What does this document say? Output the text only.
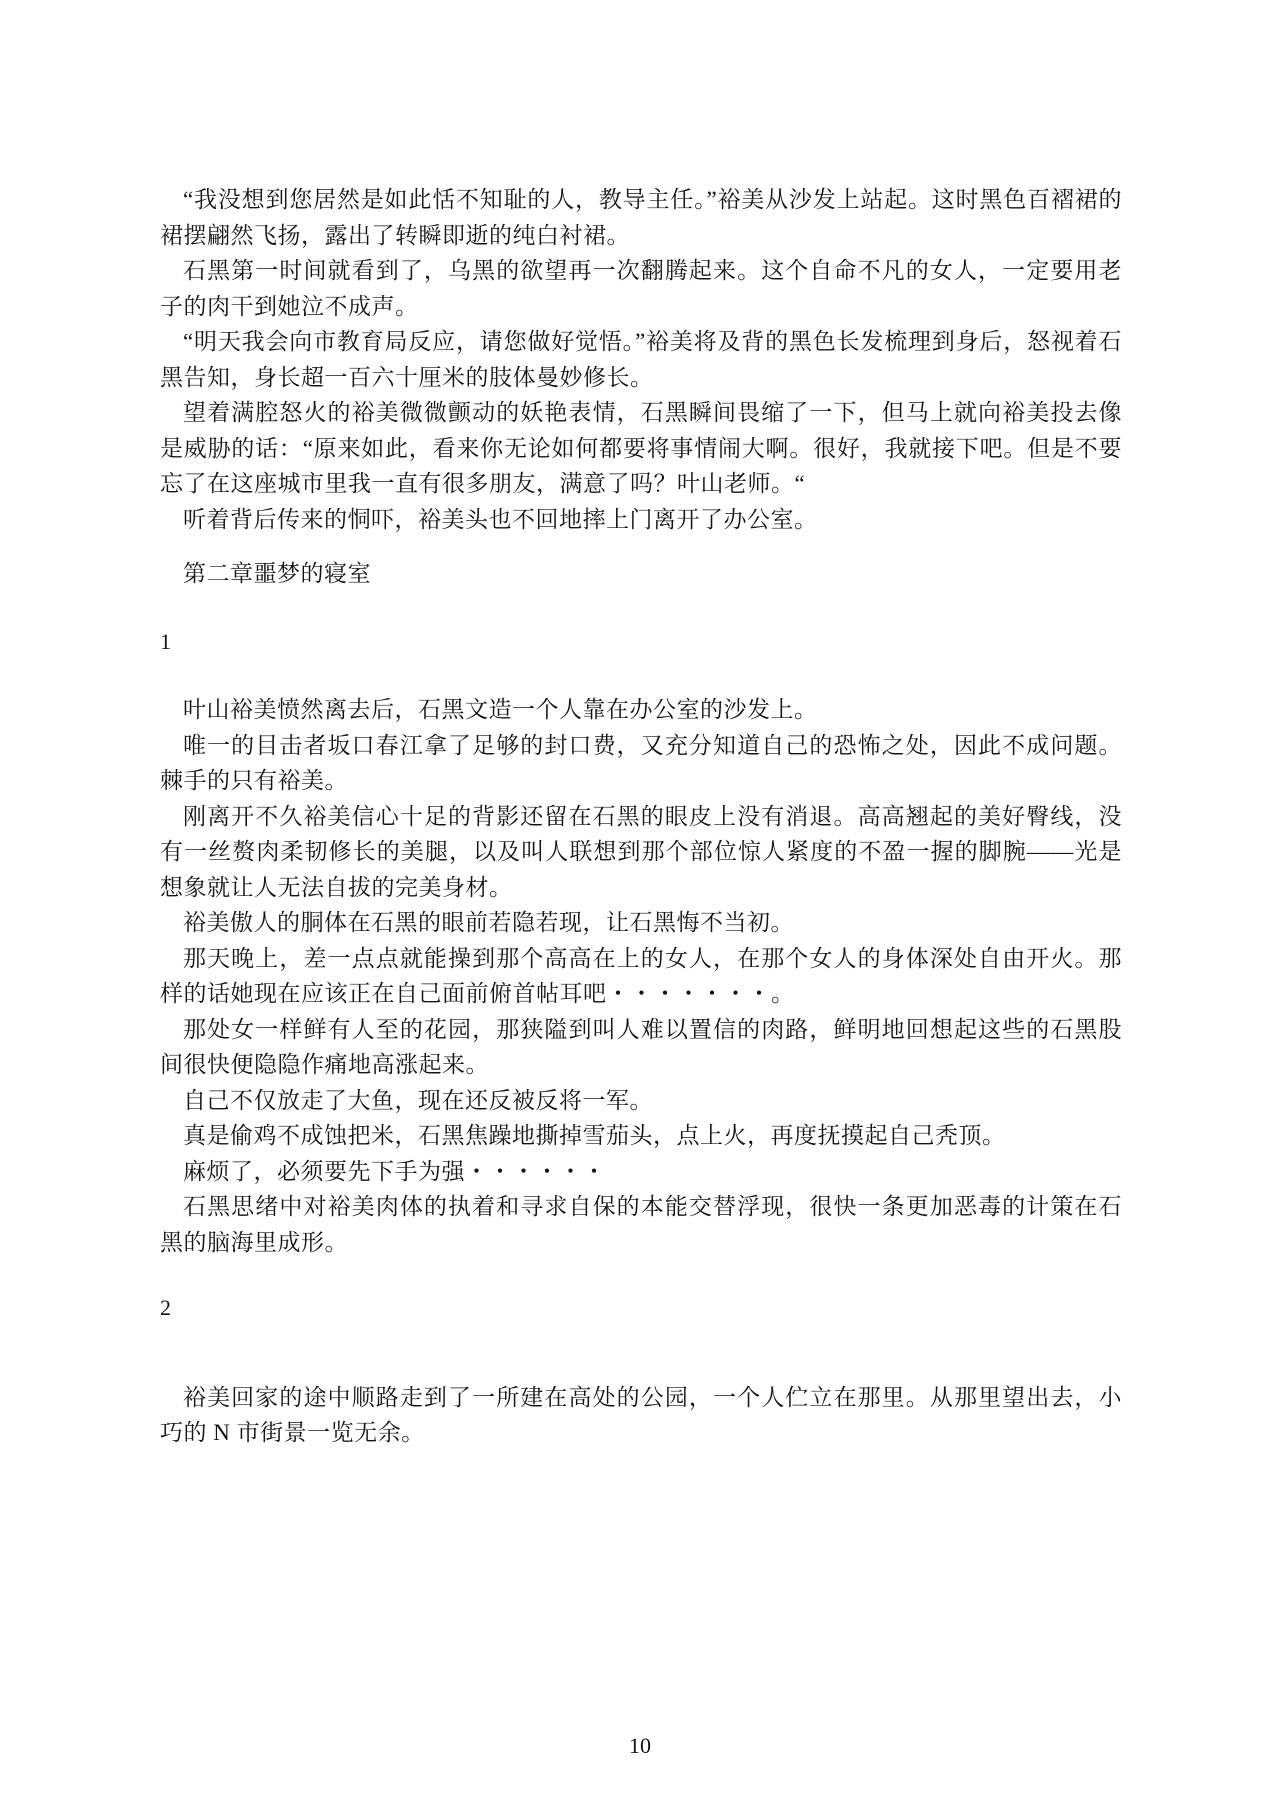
“我没想到您居然是如此恬不知耻的人，教导主任。”裕美从沙发上站起。这时黑色百褶裙的裙摆翩然飞扬，露出了转瞬即逝的纯白衬裙。

石黑第一时间就看到了，乌黑的欲望再一次翻腾起来。这个自命不凡的女人，一定要用老子的肉干到她泣不成声。

“明天我会向市教育局反应，请您做好觉悟。”裕美将及背的黑色长发梳理到身后，怒视着石黑告知，身长超一百六十厘米的肢体曼妙修长。

望着满腔怒火的裕美微微颤动的妖艳表情，石黑瞬间畏缩了一下，但马上就向裕美投去像是威胁的话：“原来如此，看来你无论如何都要将事情闹大啊。很好，我就接下吧。但是不要忘了在这座城市里我一直有很多朋友，满意了吗？叶山老师。“

听着背后传来的恫吓，裕美头也不回地摔上门离开了办公室。

第二章噩梦的寝室

1

叶山裕美愤然离去后，石黑文造一个人靠在办公室的沙发上。

唯一的目击者坂口春江拿了足够的封口费，又充分知道自己的恐怖之处，因此不成问题。棘手的只有裕美。

刚离开不久裕美信心十足的背影还留在石黑的眼皮上没有消退。高高翘起的美好臀线，没有一丝赘肉柔韧修长的美腿，以及叫人联想到那个部位惊人紧度的不盈一握的脚腕——光是想象就让人无法自拔的完美身材。

裕美傲人的胴体在石黑的眼前若隐若现，让石黑悔不当初。

那天晚上，差一点点就能操到那个高高在上的女人，在那个女人的身体深处自由开火。那样的话她现在应该正在自己面前俯首帖耳吧・・・・・・・。

那处女一样鲜有人至的花园，那狭隘到叫人难以置信的肉路，鲜明地回想起这些的石黑股间很快便隐隐作痛地高涨起来。

自己不仅放走了大鱼，现在还反被反将一军。

真是偷鸡不成蚀把米，石黑焦躁地撕掉雪茄头，点上火，再度抚摸起自己秃顶。

麻烦了，必须要先下手为强・・・・・・

石黑思绪中对裕美肉体的执着和寻求自保的本能交替浮现，很快一条更加恶毒的计策在石黑的脑海里成形。

2

裕美回家的途中顺路走到了一所建在高处的公园，一个人伫立在那里。从那里望出去，小巧的 N 市街景一览无余。

10
